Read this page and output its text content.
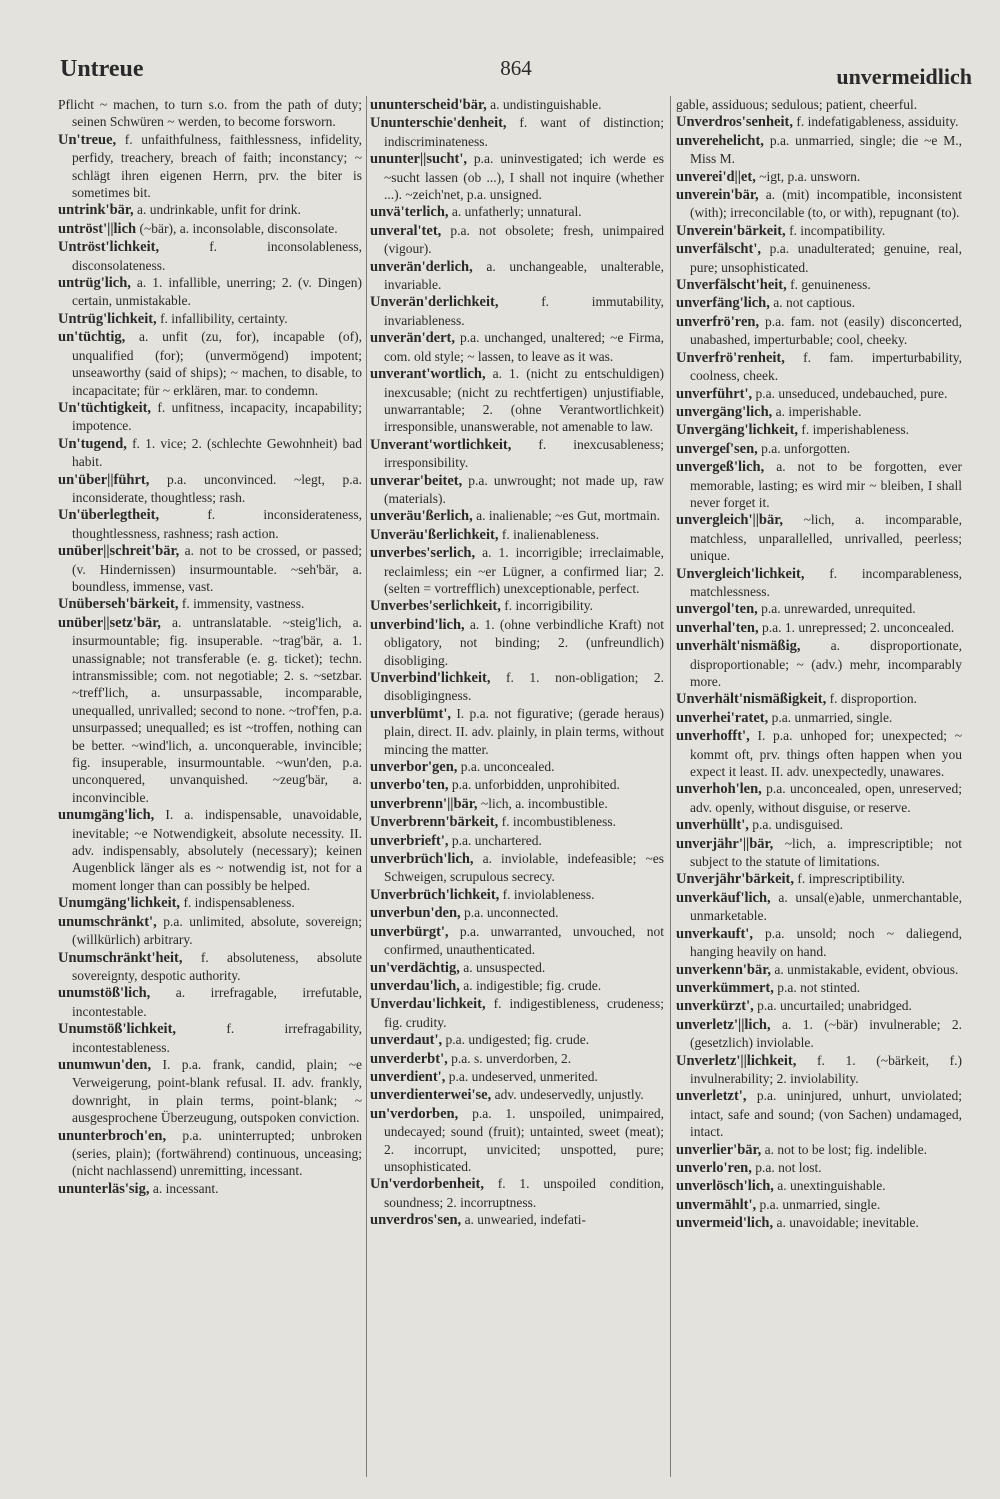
Untreue	864	unvermeidlich

Pflicht ~ machen, to turn s.o. from the path of duty; seinen Schwüren ~ werden, to become forsworn.

Un'treue, f. unfaithfulness, faithlessness, infidelity, perfidy, treachery, breach of faith; inconstancy; ~ schlägt ihren eigenen Herrn, prv. the biter is sometimes bit.

untrink'bär, a. undrinkable, unfit for drink.

untröst'||lich (~bär), a. inconsolable, disconsolate.

Untröst'lichkeit,	f. inconsolableness, disconsolateness.

untrüg'lich, a. 1. infallible, unerring; 2. (v. Dingen) certain, unmistakable.

Untrüg'lichkeit, f. infallibility, certainty.

un'tüchtig, a. unfit (zu, for), incapable (of), unqualified (for); (unvermögend) impotent; unseaworthy (said of ships); ~ machen, to disable, to incapacitate; für ~ erklären, mar. to condemn.

Un'tüchtigkeit, f. unfitness, incapacity, incapability; impotence.

Un'tugend, f. 1. vice; 2. (schlechte Gewohnheit) bad habit.

un'über||führt, p.a. unconvinced. ~legt, p.a. inconsiderate, thoughtless; rash.

Un'überlegtheit,	f. inconsiderateness, thoughtlessness, rashness; rash action.

unüber||schreit'bär, a. not to be crossed, or passed; (v. Hindernissen) insurmountable. ~seh'bär, a. boundless, immense, vast.

Unüberseh'bärkeit, f. immensity, vastness.

unüber||setz'bär, a. untranslatable. ~steig'lich, a. insurmountable; fig. insuperable. ~trag'bär, a. 1. unassignable; not transferable (e. g. ticket); techn. intransmissible; com. not negotiable; 2. s. ~setzbar. ~treff'lich, a. unsurpassable, incomparable, unequalled, unrivalled; second to none. ~trof'fen, p.a. unsurpassed; unequalled; es ist ~troffen, nothing can be better. ~wind'lich, a. unconquerable, invincible; fig. insuperable, insurmountable. ~wun'den, p.a. unconquered, unvanquished. ~zeug'bär, a. inconvincible.

unumgäng'lich, I. a. indispensable, unavoidable, inevitable; ~e Notwendigkeit, absolute necessity. II. adv. indispensably, absolutely (necessary); keinen Augenblick länger als es ~ notwendig ist, not for a moment longer than can possibly be helped.

Unumgäng'lichkeit, f. indispensableness.

unumschränkt', p.a. unlimited, absolute, sovereign; (willkürlich) arbitrary.

Unumschränkt'heit, f. absoluteness, absolute sovereignty, despotic authority.

unumstöß'lich, a. irrefragable, irrefutable, incontestable.

Unumstöß'lichkeit,	f. irrefragability, incontestableness.

unumwun'den, I. p.a. frank, candid, plain; ~e Verweigerung, point-blank refusal. II. adv. frankly, downright, in plain terms, point-blank; ~ ausgesprochene Überzeugung, outspoken conviction.

ununterbroch'en, p.a. uninterrupted; unbroken (series, plain); (fortwährend) continuous, unceasing; (nicht nachlassend) unremitting, incessant.

ununterläs'sig, a. incessant.

ununterscheid'bär, a. undistinguishable.

Ununterschie'denheit, f. want of distinction; indiscriminateness.

ununter||sucht', p.a. uninvestigated; ich werde es ~sucht lassen (ob ...), I shall not inquire (whether ...). ~zeich'net, p.a. unsigned.

unvä'terlich, a. unfatherly; unnatural.

unveral'tet, p.a. not obsolete; fresh, unimpaired (vigour).

unverän'derlich, a. unchangeable, unalterable, invariable.

Unverän'derlichkeit,	f. immutability, invariableness.

unverän'dert, p.a. unchanged, unaltered; ~e Firma, com. old style; ~ lassen, to leave as it was.

unverant'wortlich, a. 1. (nicht zu entschuldigen) inexcusable; (nicht zu rechtfertigen) unjustifiable, unwarrantable; 2. (ohne Verantwortlichkeit) irresponsible, unanswerable, not amenable to law.

Unverant'wortlichkeit, f. inexcusableness; irresponsibility.

unverar'beitet, p.a. unwrought; not made up, raw (materials).

unveräu'ßerlich, a. inalienable; ~es Gut, mortmain.

Unveräu'ßerlichkeit, f. inalienableness.

unverbes'serlich, a. 1. incorrigible; irreclaimable, reclaimless; ein ~er Lügner, a confirmed liar; 2. (selten = vortrefflich) unexceptionable, perfect.

Unverbes'serlichkeit, f. incorrigibility.

unverbind'lich, a. 1. (ohne verbindliche Kraft) not obligatory, not binding; 2. (unfreundlich) disobliging.

Unverbind'lichkeit, f. 1. non-obligation; 2. disobligingness.

unverblümt', I. p.a. not figurative; (gerade heraus) plain, direct. II. adv. plainly, in plain terms, without mincing the matter.

unverbor'gen, p.a. unconcealed.

unverbo'ten, p.a. unforbidden, unprohibited.

unverbrenn'||bär, ~lich, a. incombustible.

Unverbrenn'bärkeit, f. incombustibleness.

unverbrieft', p.a. unchartered.

unverbrüch'lich, a. inviolable, indefeasible; ~es Schweigen, scrupulous secrecy.

Unverbrüch'lichkeit, f. inviolableness.

unverbun'den, p.a. unconnected.

unverbürgt', p.a. unwarranted, unvouched, not confirmed, unauthenticated.

un'verdächtig, a. unsuspected.

unverdau'lich, a. indigestible; fig. crude.

Unverdau'lichkeit, f. indigestibleness, crudeness; fig. crudity.

unverdaut', p.a. undigested; fig. crude.

unverderbt', p.a. s. unverdorben, 2.

unverdient', p.a. undeserved, unmerited.

unverdienterwei'se, adv. undeservedly, unjustly.

un'verdorben, p.a. 1. unspoiled, unimpaired, undecayed; sound (fruit); untainted, sweet (meat); 2. incorrupt, unvicited; unspotted, pure; unsophisticated.

Un'verdorbenheit, f. 1. unspoiled condition, soundness; 2. incorruptness.

unverdros'sen, a. unwearied, indefati-

gable, assiduous; sedulous; patient, cheerful.

Unverdros'senheit, f. indefatigableness, assiduity.

unverehelicht, p.a. unmarried, single; die ~e M., Miss M.

unverei'd||et, ~igt, p.a. unsworn.

unverein'bär, a. (mit) incompatible, inconsistent (with); irreconcilable (to, or with), repugnant (to).

Unverein'bärkeit, f. incompatibility.

unverfälscht', p.a. unadulterated; genuine, real, pure; unsophisticated.

Unverfälscht'heit, f. genuineness.

unverfäng'lich, a. not captious.

unverfrö'ren, p.a. fam. not (easily) disconcerted, unabashed, imperturbable; cool, cheeky.

Unverfrö'renheit, f. fam. imperturbability, coolness, cheek.

unverführt', p.a. unseduced, undebauched, pure.

unvergäng'lich, a. imperishable.

Unvergäng'lichkeit, f. imperishableness.

unvergeſ'sen, p.a. unforgotten.

unvergeß'lich, a. not to be forgotten, ever memorable, lasting; es wird mir ~ bleiben, I shall never forget it.

unvergleich'||bär, ~lich, a. incomparable, matchless, unparallelled, unrivalled, peerless; unique.

Unvergleich'lichkeit, f. incomparableness, matchlessness.

unvergol'ten, p.a. unrewarded, unrequited.

unverhal'ten, p.a. 1. unrepressed; 2. unconcealed.

unverhält'nismäßig, a. disproportionate, disproportionable; ~ (adv.) mehr, incomparably more.

Unverhält'nismäßigkeit, f. disproportion.

unverhei'ratet, p.a. unmarried, single.

unverhofft', I. p.a. unhoped for; unexpected; ~ kommt oft, prv. things often happen when you expect it least. II. adv. unexpectedly, unawares.

unverhoh'len, p.a. unconcealed, open, unreserved; adv. openly, without disguise, or reserve.

unverhüllt', p.a. undisguised.

unverjähr'||bär, ~lich, a. imprescriptible; not subject to the statute of limitations.

Unverjähr'bärkeit, f. imprescriptibility.

unverkäuf'lich, a. unsal(e)able, unmerchantable, unmarketable.

unverkauft', p.a. unsold; noch ~ daliegend, hanging heavily on hand.

unverkenn'bär, a. unmistakable, evident, obvious.

unverkümmert, p.a. not stinted.

unverkürzt', p.a. uncurtailed; unabridged.

unverletz'||lich, a. 1. (~bär) invulnerable; 2. (gesetzlich) inviolable.

Unverletz'||lichkeit, f. 1. (~bärkeit, f.) invulnerability; 2. inviolability.

unverletzt', p.a. uninjured, unhurt, unviolated; intact, safe and sound; (von Sachen) undamaged, intact.

unverlier'bär, a. not to be lost; fig. indelible.

unverlo'ren, p.a. not lost.

unverlösch'lich, a. unextinguishable.

unvermählt', p.a. unmarried, single.

unvermeid'lich, a. unavoidable; inevitable.
